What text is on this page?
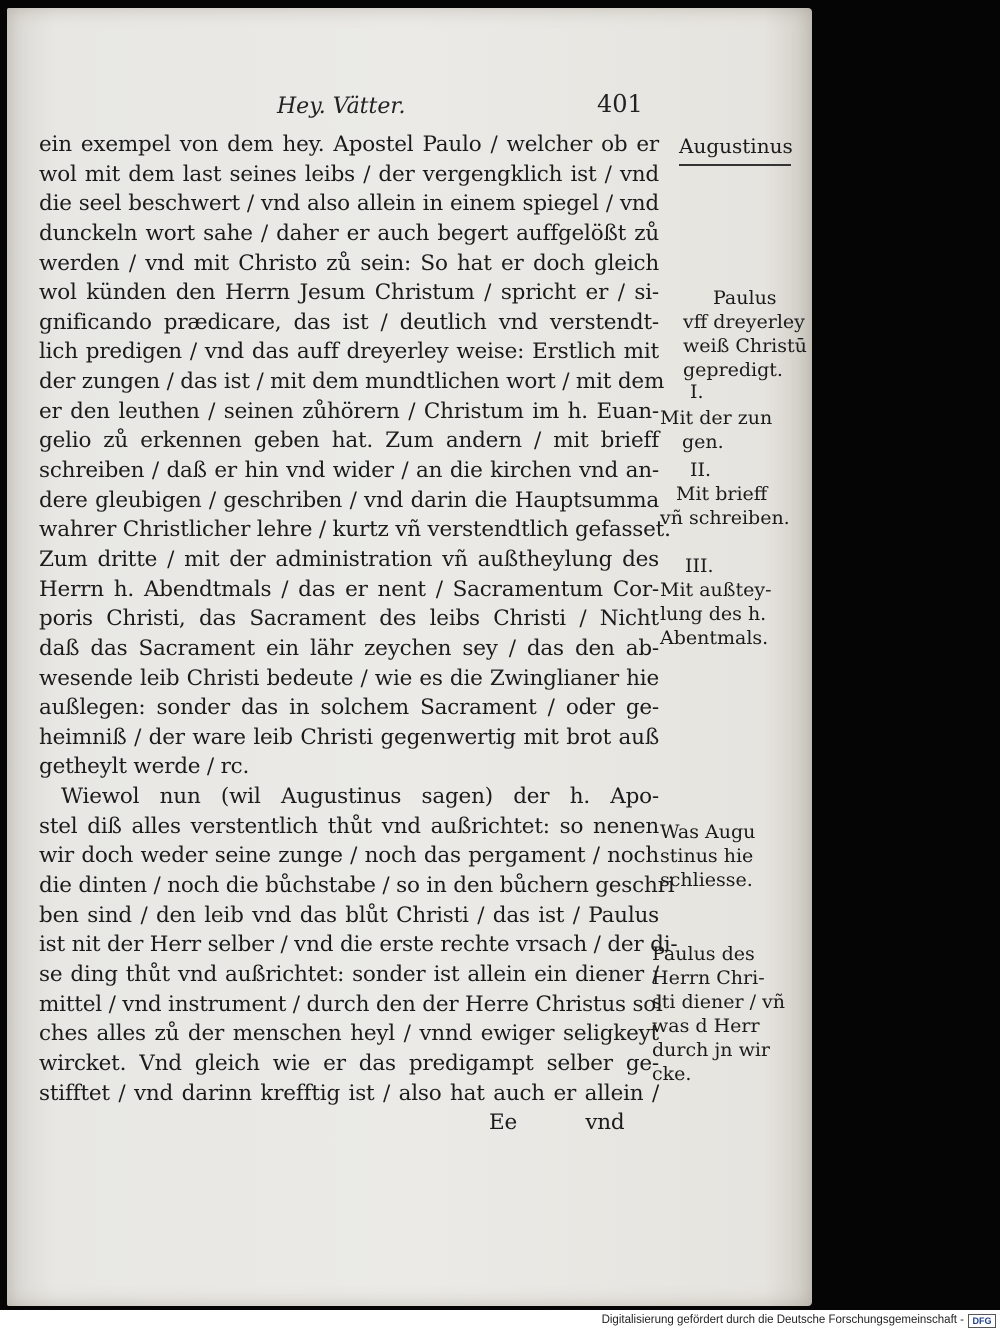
Hey. Vätter.	401
ein exempel von dem hey. Apostel Paulo / welcher ob er
wol mit dem last seines leibs / der vergengklich ist / vnd
die seel beschwert / vnd also allein in einem spiegel / vnd
dunckeln wort sahe / daher er auch begert auffgelößt zů
werden / vnd mit Christo zů sein: So hat er doch gleich
wol künden den Herrn Jesum Christum / spricht er / si-
gnificando prædicare, das ist / deutlich vnd verstendt-
lich predigen / vnd das auff dreyerley weise: Erstlich mit
der zungen / das ist / mit dem mundtlichen wort / mit dem
er den leuthen / seinen zůhörern / Christum im h. Euan-
gelio zů erkennen geben hat. Zum andern / mit brieff
schreiben / daß er hin vnd wider / an die kirchen vnd an-
dere gleubigen / geschriben / vnd darin die Hauptsumma
wahrer Christlicher lehre / kurtz vñ verstendtlich gefasset.
Zum dritte / mit der administration vñ außtheylung des
Herrn h. Abendtmals / das er nent / Sacramentum Cor-
poris Christi, das Sacrament des leibs Christi / Nicht
daß das Sacrament ein lähr zeychen sey / das den ab-
wesende leib Christi bedeute / wie es die Zwinglianer hie
außlegen: sonder das in solchem Sacrament / oder ge-
heimniß / der ware leib Christi gegenwertig mit brot auß
getheylt werde / rc.
Wiewol nun (wil Augustinus sagen) der h. Apo-
stel diß alles verstentlich thůt vnd außrichtet: so nenen
wir doch weder seine zunge / noch das pergament / noch
die dinten / noch die bůchstabe / so in den bůchern geschri
ben sind / den leib vnd das blůt Christi / das ist / Paulus
ist nit der Herr selber / vnd die erste rechte vrsach / der di-
se ding thůt vnd außrichtet: sonder ist allein ein diener /
mittel / vnd instrument / durch den der Herre Christus sol
ches alles zů der menschen heyl / vnnd ewiger seligkeyt
wircket. Vnd gleich wie er das predigampt selber ge-
stifftet / vnd darinn krefftig ist / also hat auch er allein /
Ee	vnd
Augustinus
Paulus
vff dreyerley
weiß Christū
gepredigt.
I.
Mit der zun
gen.
II.
Mit brieff
vñ schreiben.
III.
Mit außtey-
lung des h.
Abentmals.
Was Augu
stinus hie
schliesse.
Paulus des
Herrn Chri-
sti diener / vñ
was d Herr
durch jn wir
cke.
Digitalisierung gefördert durch die Deutsche Forschungsgemeinschaft - DFG
